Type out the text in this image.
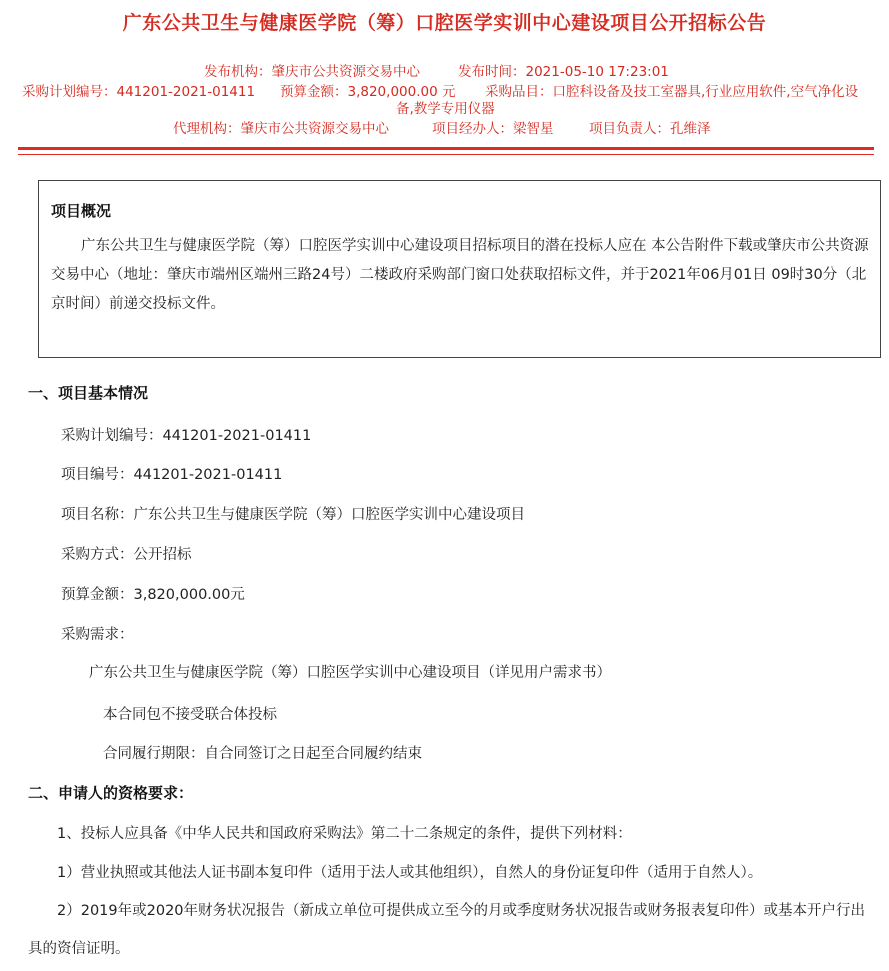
广东公共卫生与健康医学院（筹）口腔医学实训中心建设项目公开招标公告
发布机构：肇庆市公共资源交易中心	发布时间：2021-05-10 17:23:01
采购计划编号：441201-2021-01411 预算金额：3,820,000.00 元 采购品目：口腔科设备及技工室器具,行业应用软件,空气净化设
备,教学专用仪器
代理机构：肇庆市公共资源交易中心	项目经办人：梁智星	项目负责人：孔维泽
项目概况
广东公共卫生与健康医学院（筹）口腔医学实训中心建设项目招标项目的潜在投标人应在 本公告附件下载或肇庆市公共资源交易中心（地址：肇庆市端州区端州三路24号）二楼政府采购部门窗口处获取招标文件，并于2021年06月01日 09时30分（北京时间）前递交投标文件。
一、项目基本情况
采购计划编号：441201-2021-01411
项目编号：441201-2021-01411
项目名称：广东公共卫生与健康医学院（筹）口腔医学实训中心建设项目
采购方式：公开招标
预算金额：3,820,000.00元
采购需求：
广东公共卫生与健康医学院（筹）口腔医学实训中心建设项目（详见用户需求书）
本合同包不接受联合体投标
合同履行期限：自合同签订之日起至合同履约结束
二、申请人的资格要求：
1、投标人应具备《中华人民共和国政府采购法》第二十二条规定的条件，提供下列材料：
1）营业执照或其他法人证书副本复印件（适用于法人或其他组织），自然人的身份证复印件（适用于自然人）。
2）2019年或2020年财务状况报告（新成立单位可提供成立至今的月或季度财务状况报告或财务报表复印件）或基本开户行出具的资信证明。
